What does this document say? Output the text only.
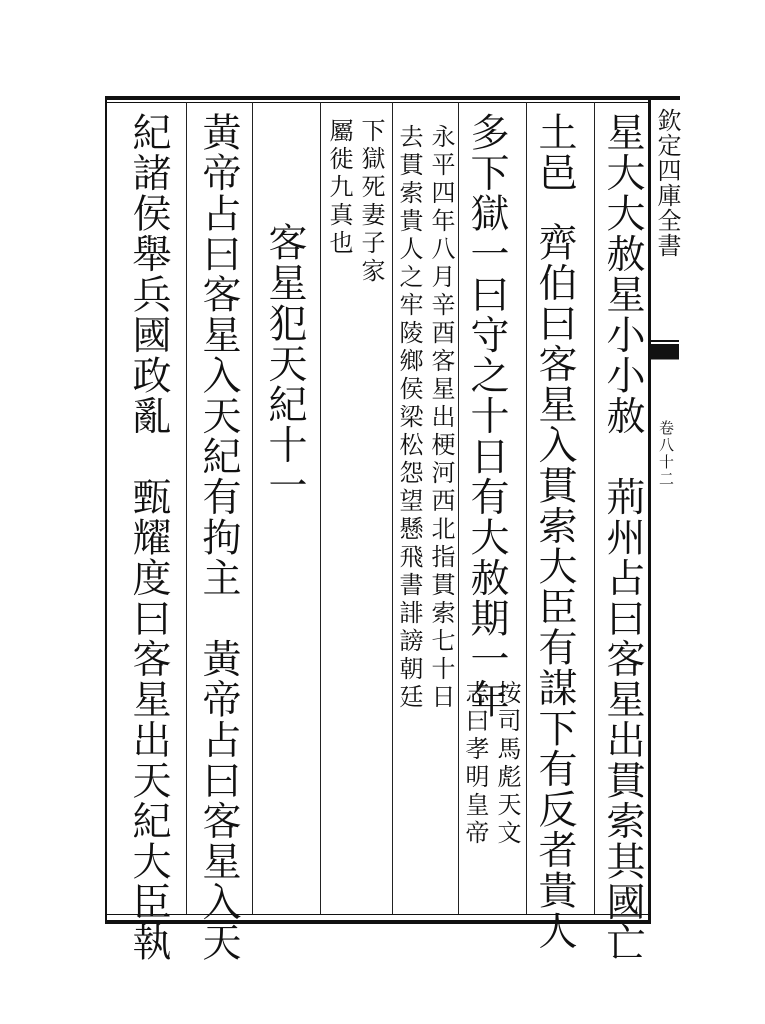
欽定四庫全書
卷八十二
星大大赦星小小赦　荊州占曰客星出貫索其國亡
土邑
齊伯曰客星入貫索大臣有謀下有反者貴人
多下獄一曰守之十日有大赦期一年
按司馬彪天文
志曰孝明皇帝
永平四年八月辛酉客星出梗河西北指貫索七十日
去貫索貴人之牢陵鄉侯梁松怨望懸飛書誹謗朝廷
下獄死妻子家
屬徙九真也
客星犯天紀十一
黃帝占曰客星入天紀有拘主　黃帝占曰客星入天
紀諸侯舉兵國政亂　甄耀度曰客星出天紀大臣執
